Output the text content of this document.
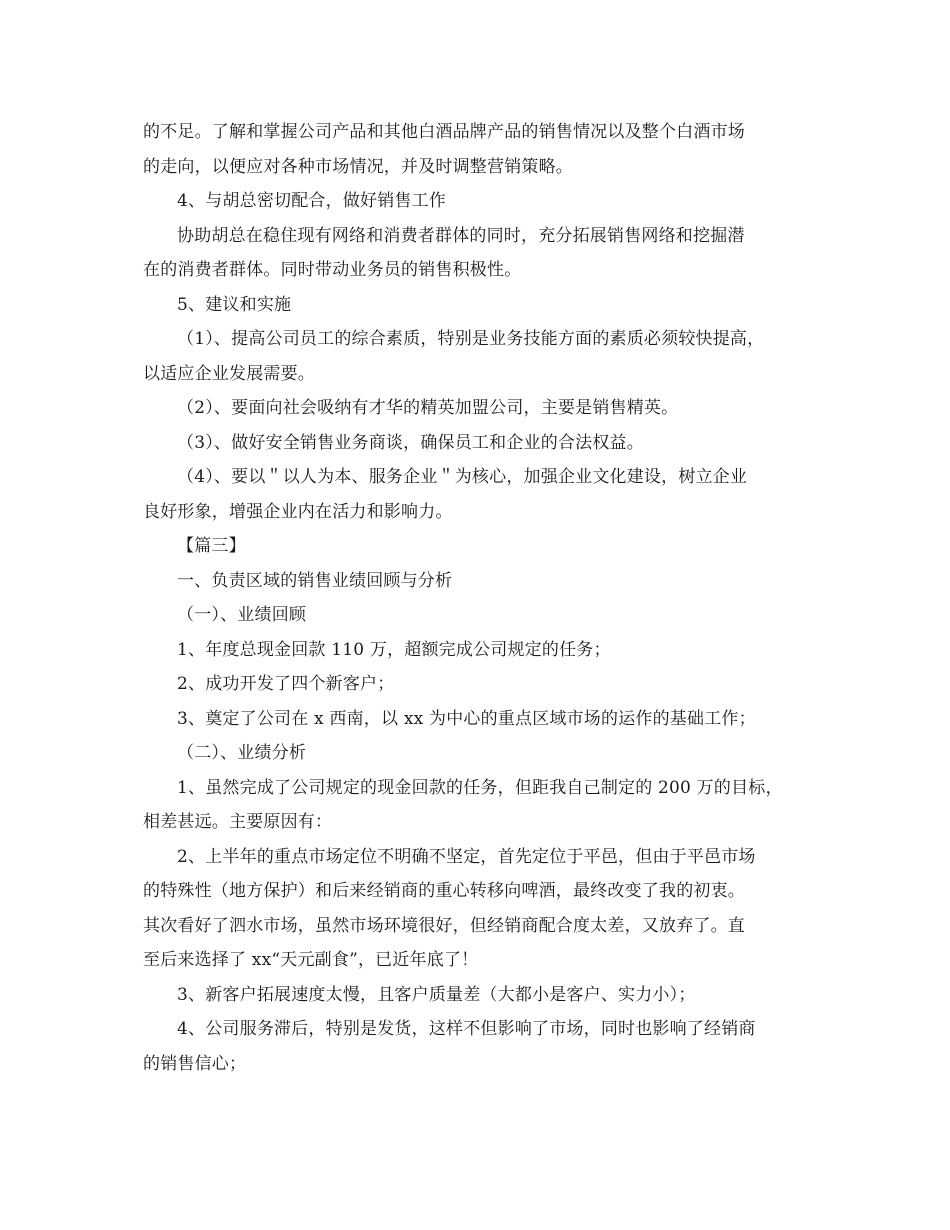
的不足。了解和掌握公司产品和其他白酒品牌产品的销售情况以及整个白酒市场

的走向，以便应对各种市场情况，并及时调整营销策略。

4、与胡总密切配合，做好销售工作

协助胡总在稳住现有网络和消费者群体的同时，充分拓展销售网络和挖掘潜

在的消费者群体。同时带动业务员的销售积极性。

5、建议和实施

（1）、提高公司员工的综合素质，特别是业务技能方面的素质必须较快提高，

以适应企业发展需要。

（2）、要面向社会吸纳有才华的精英加盟公司，主要是销售精英。

（3）、做好安全销售业务商谈，确保员工和企业的合法权益。

（4）、要以＂以人为本、服务企业＂为核心，加强企业文化建设，树立企业

良好形象，增强企业内在活力和影响力。

【篇三】

一、负责区域的销售业绩回顾与分析

（一）、业绩回顾

1、年度总现金回款 110 万，超额完成公司规定的任务；

2、成功开发了四个新客户；

3、奠定了公司在 x 西南，以 xx 为中心的重点区域市场的运作的基础工作；

（二）、业绩分析

1、虽然完成了公司规定的现金回款的任务，但距我自己制定的 200 万的目标，

相差甚远。主要原因有：

2、上半年的重点市场定位不明确不坚定，首先定位于平邑，但由于平邑市场

的特殊性（地方保护）和后来经销商的重心转移向啤酒，最终改变了我的初衷。

其次看好了泗水市场，虽然市场环境很好，但经销商配合度太差，又放弃了。直

至后来选择了 xx“天元副食”，已近年底了！

3、新客户拓展速度太慢，且客户质量差（大都小是客户、实力小）；

4、公司服务滞后，特别是发货，这样不但影响了市场，同时也影响了经销商

的销售信心；
